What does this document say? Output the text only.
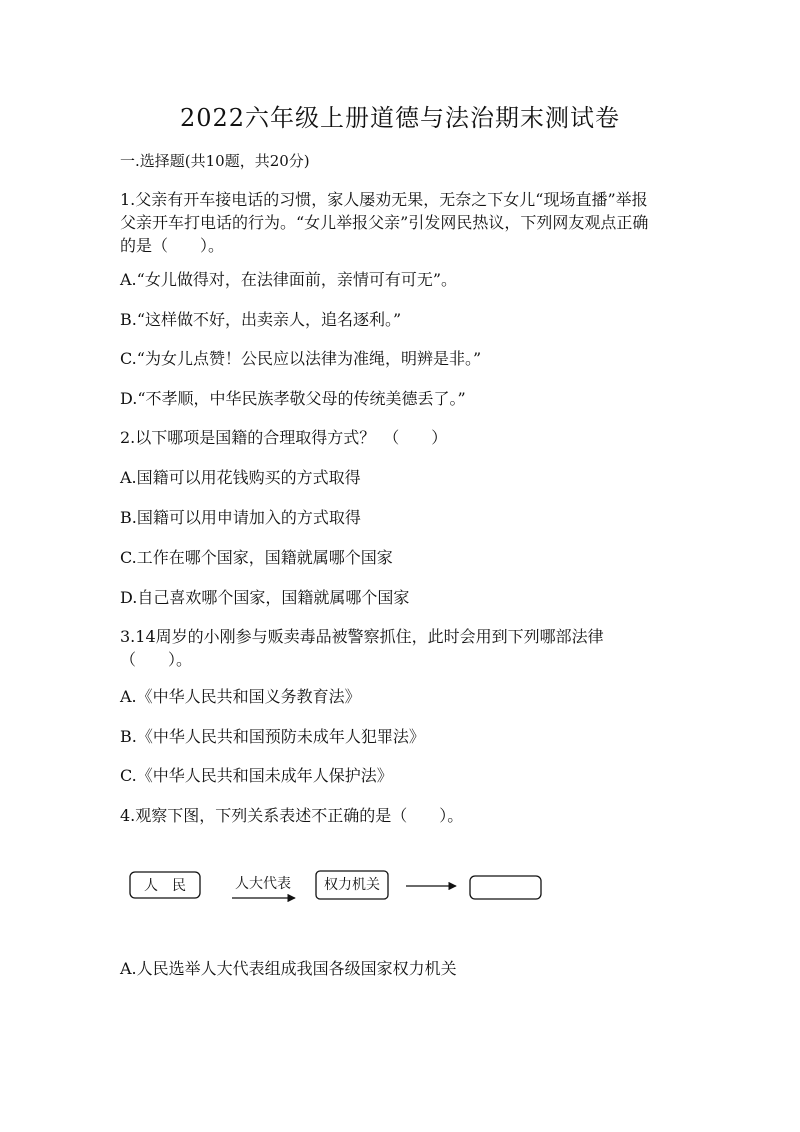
2022六年级上册道德与法治期末测试卷
一.选择题(共10题，共20分)
1.父亲有开车接电话的习惯，家人屡劝无果，无奈之下女儿“现场直播”举报
父亲开车打电话的行为。“女儿举报父亲”引发网民热议，下列网友观点正确
的是（　　）。
A.“女儿做得对，在法律面前，亲情可有可无”。
B.“这样做不好，出卖亲人，追名逐利。”
C.“为女儿点赞！公民应以法律为准绳，明辨是非。”
D.“不孝顺，中华民族孝敬父母的传统美德丢了。”
2.以下哪项是国籍的合理取得方式？　（　　）
A.国籍可以用花钱购买的方式取得
B.国籍可以用申请加入的方式取得
C.工作在哪个国家，国籍就属哪个国家
D.自己喜欢哪个国家，国籍就属哪个国家
3.14周岁的小刚参与贩卖毒品被警察抓住，此时会用到下列哪部法律
（　　）。
A.《中华人民共和国义务教育法》
B.《中华人民共和国预防未成年人犯罪法》
C.《中华人民共和国未成年人保护法》
4.观察下图，下列关系表述不正确的是（　　）。
人　民	人大代表 权力机关
A.人民选举人大代表组成我国各级国家权力机关
